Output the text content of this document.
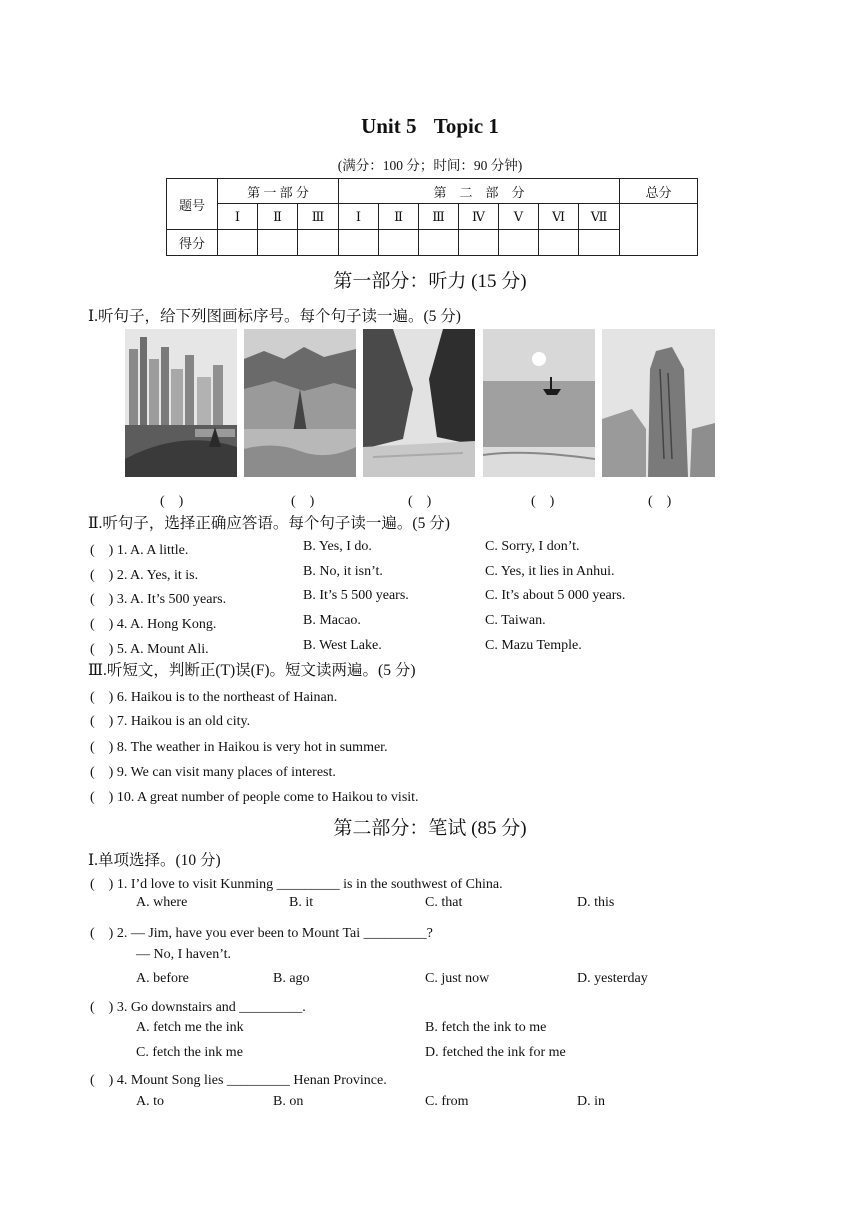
Unit 5 Topic 1
(满分：100 分；时间：90 分钟)
题号	第 一 部 分			第　二　部　分							总分
	Ⅰ	Ⅱ	Ⅲ	Ⅰ	Ⅱ	Ⅲ	Ⅳ	Ⅴ	Ⅵ	Ⅶ	
得分											
第一部分：听力 (15 分)
Ⅰ.听句子，给下列图画标序号。每个句子读一遍。(5 分)
(　)	(　)	(　)	(　)	(　)
Ⅱ.听句子，选择正确应答语。每个句子读一遍。(5 分)
(　) 1. A. A little.	B. Yes, I do.	C. Sorry, I don’t.
(　) 2. A. Yes, it is.	B. No, it isn’t.	C. Yes, it lies in Anhui.
(　) 3. A. It’s 500 years.	B. It’s 5 500 years.	C. It’s about 5 000 years.
(　) 4. A. Hong Kong.	B. Macao.	C. Taiwan.
(　) 5. A. Mount Ali.	B. West Lake.	C. Mazu Temple.
Ⅲ.听短文，判断正(T)误(F)。短文读两遍。(5 分)
(　) 6. Haikou is to the northeast of Hainan.
(　) 7. Haikou is an old city.
(　) 8. The weather in Haikou is very hot in summer.
(　) 9. We can visit many places of interest.
(　) 10. A great number of people come to Haikou to visit.
第二部分：笔试 (85 分)
Ⅰ.单项选择。(10 分)
(　) 1. I’d love to visit Kunming _________ is in the southwest of China.
A. where	B. it	C. that	D. this
(　) 2. — Jim, have you ever been to Mount Tai _________?
— No, I haven’t.
A. before	B. ago	C. just now	D. yesterday
(　) 3. Go downstairs and _________.
A. fetch me the ink	B. fetch the ink to me
C. fetch the ink me	D. fetched the ink for me
(　) 4. Mount Song lies _________ Henan Province.
A. to	B. on	C. from	D. in
